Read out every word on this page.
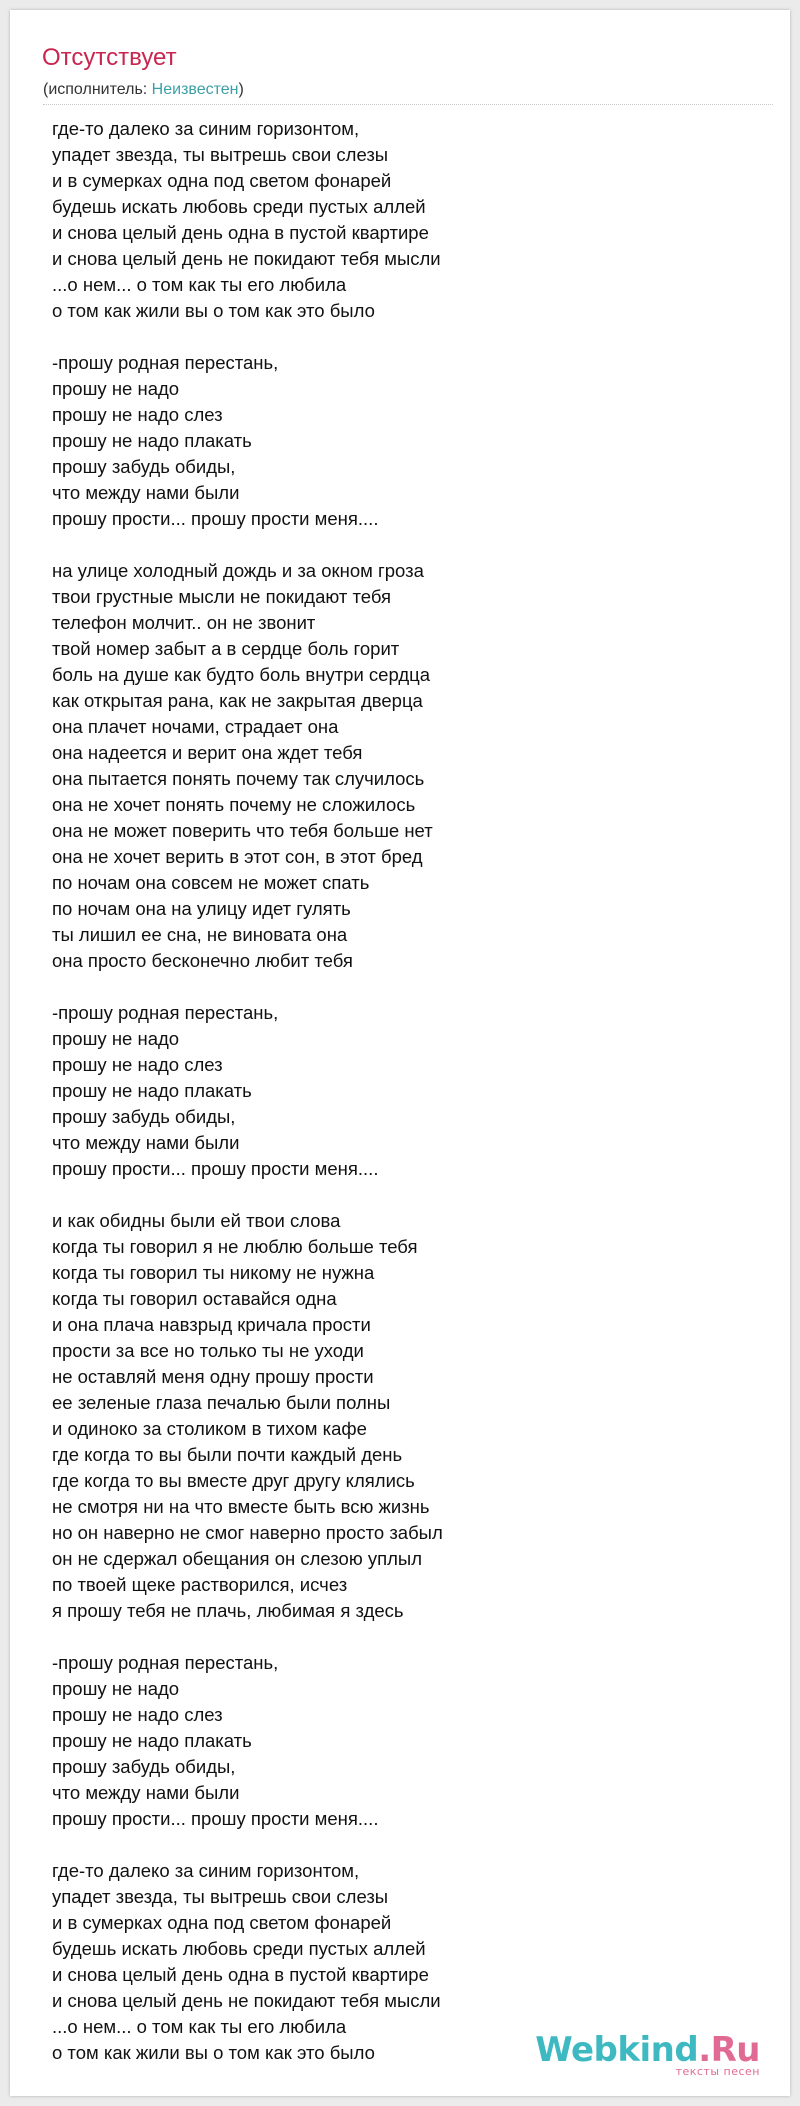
Отсутствует
(исполнитель: Неизвестен)
где-то далеко за синим горизонтом,
упадет звезда, ты вытрешь свои слезы
и в сумерках одна под светом фонарей
будешь искать любовь среди пустых аллей
и снова целый день одна в пустой квартире
и снова целый день не покидают тебя мысли
...о нем... о том как ты его любила
о том как жили вы о том как это было
-прошу родная перестань,
прошу не надо
прошу не надо слез
прошу не надо плакать
прошу забудь обиды,
что между нами были
прошу прости... прошу прости меня....
на улице холодный дождь и за окном гроза
твои грустные мысли не покидают тебя
телефон молчит.. он не звонит
твой номер забыт а в сердце боль горит
боль на душе как будто боль внутри сердца
как открытая рана, как не закрытая дверца
она плачет ночами, страдает она
она надеется и верит она ждет тебя
она пытается понять почему так случилось
она не хочет понять почему не сложилось
она не может поверить что тебя больше нет
она не хочет верить в этот сон, в этот бред
по ночам она совсем не может спать
по ночам она на улицу идет гулять
ты лишил ее сна, не виновата она
она просто бесконечно любит тебя
-прошу родная перестань,
прошу не надо
прошу не надо слез
прошу не надо плакать
прошу забудь обиды,
что между нами были
прошу прости... прошу прости меня....
и как обидны были ей твои слова
когда ты говорил я не люблю больше тебя
когда ты говорил ты никому не нужна
когда ты говорил оставайся одна
и она плача навзрыд кричала прости
прости за все но только ты не уходи
не оставляй меня одну прошу прости
ее зеленые глаза печалью были полны
и одиноко за столиком в тихом кафе
где когда то вы были почти каждый день
где когда то вы вместе друг другу клялись
не смотря ни на что вместе быть всю жизнь
но он наверно не смог наверно просто забыл
он не сдержал обещания он слезою уплыл
по твоей щеке растворился, исчез
я прошу тебя не плачь, любимая я здесь
-прошу родная перестань,
прошу не надо
прошу не надо слез
прошу не надо плакать
прошу забудь обиды,
что между нами были
прошу прости... прошу прости меня....
где-то далеко за синим горизонтом,
упадет звезда, ты вытрешь свои слезы
и в сумерках одна под светом фонарей
будешь искать любовь среди пустых аллей
и снова целый день одна в пустой квартире
и снова целый день не покидают тебя мысли
...о нем... о том как ты его любила
о том как жили вы о том как это было	Webkind.Ru
тексты песен
